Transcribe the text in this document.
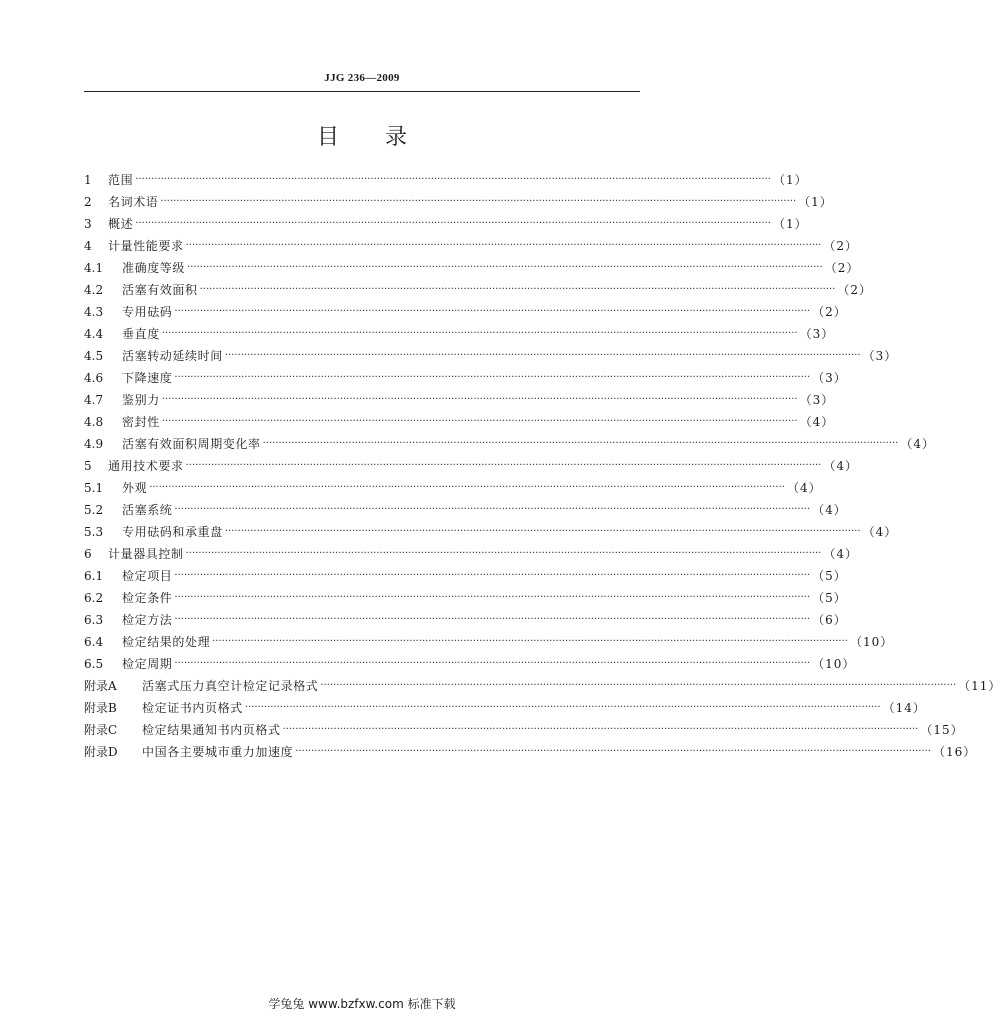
JJG 236—2009
目 录
1	范围 ········································································································································································································ （1）
2	名词术语 ········································································································································································································ （1）
3	概述 ········································································································································································································ （1）
4	计量性能要求 ········································································································································································································ （2）
4.1	准确度等级 ········································································································································································································ （2）
4.2	活塞有效面积 ········································································································································································································ （2）
4.3	专用砝码 ········································································································································································································ （2）
4.4	垂直度 ········································································································································································································ （3）
4.5	活塞转动延续时间 ········································································································································································································ （3）
4.6	下降速度 ········································································································································································································ （3）
4.7	鉴别力 ········································································································································································································ （3）
4.8	密封性 ········································································································································································································ （4）
4.9	活塞有效面积周期变化率 ········································································································································································································ （4）
5	通用技术要求 ········································································································································································································ （4）
5.1	外观 ········································································································································································································ （4）
5.2	活塞系统 ········································································································································································································ （4）
5.3	专用砝码和承重盘 ········································································································································································································ （4）
6	计量器具控制 ········································································································································································································ （4）
6.1	检定项目 ········································································································································································································ （5）
6.2	检定条件 ········································································································································································································ （5）
6.3	检定方法 ········································································································································································································ （6）
6.4	检定结果的处理 ········································································································································································································ （10）
6.5	检定周期 ········································································································································································································ （10）
附录A	活塞式压力真空计检定记录格式 ········································································································································································································ （11）
附录B	检定证书内页格式 ········································································································································································································ （14）
附录C	检定结果通知书内页格式 ········································································································································································································ （15）
附录D	中国各主要城市重力加速度 ········································································································································································································ （16）
学兔兔 www.bzfxw.com 标准下载
